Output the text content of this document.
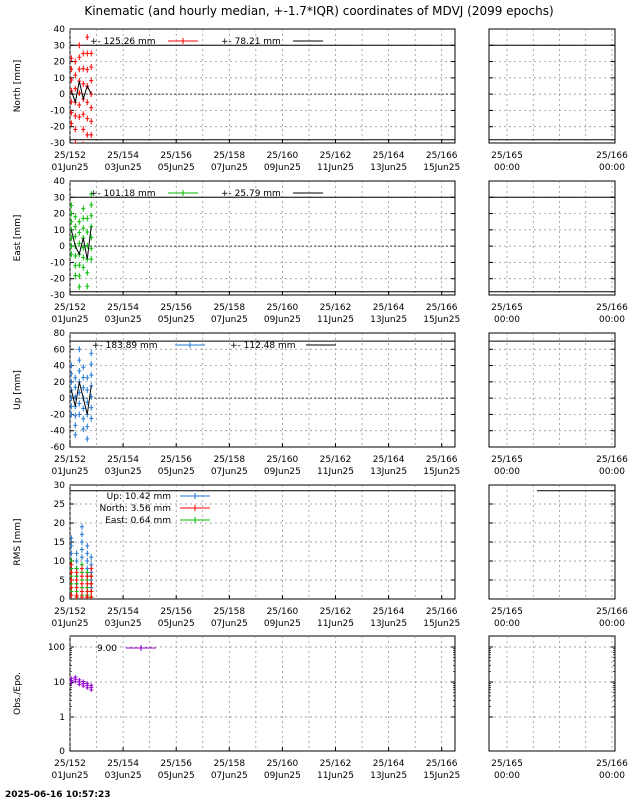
Kinematic (and hourly median, +-1.7*IQR) coordinates of MDVJ (2099 epochs)
-30
-20
-10
0
10
20
30
40
25/152
01Jun25
25/154
03Jun25
25/156
05Jun25
25/158
07Jun25
25/160
09Jun25
25/162
11Jun25
25/164
13Jun25
25/166
15Jun25
25/165
00:00
25/166
00:00
North [mm]
+- 125.26 mm	+- 78.21 mm
-30
-20
-10
0
10
20
30
40
25/152
01Jun25
25/154
03Jun25
25/156
05Jun25
25/158
07Jun25
25/160
09Jun25
25/162
11Jun25
25/164
13Jun25
25/166
15Jun25
25/165
00:00
25/166
00:00
East [mm]
+- 101.18 mm	+- 25.79 mm
-60
-40
-20
0
20
40
60
80
25/152
01Jun25
25/154
03Jun25
25/156
05Jun25
25/158
07Jun25
25/160
09Jun25
25/162
11Jun25
25/164
13Jun25
25/166
15Jun25
25/165
00:00
25/166
00:00
Up [mm]
+- 183.89 mm	+- 112.48 mm
0
5
10
15
20
25
30
25/152
01Jun25
25/154
03Jun25
25/156
05Jun25
25/158
07Jun25
25/160
09Jun25
25/162
11Jun25
25/164
13Jun25
25/166
15Jun25
25/165
00:00
25/166
00:00
RMS [mm]
Up: 10.42 mm
North: 3.56 mm
East: 0.64 mm
0
1
10
100
25/152
01Jun25
25/154
03Jun25
25/156
05Jun25
25/158
07Jun25
25/160
09Jun25
25/162
11Jun25
25/164
13Jun25
25/166
15Jun25
25/165
00:00
25/166
00:00
Obs./Epo.
9.00
2025-06-16 10:57:23
